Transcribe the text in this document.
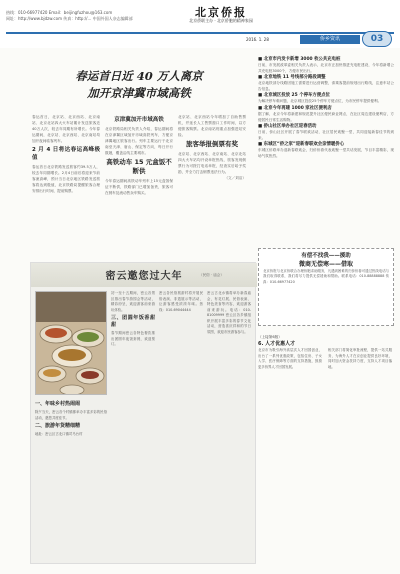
热线：010-66977420 Email：beijingfuzhou@163.com
网址：http://www.bjdzw.com 传真：http://... 中国外国人杂志编辑部	北京侨报
北京侨联主办 · 北京侨胞的精神家园
2016. 1. 28	侨乡资讯	03
春运首日近 40 万人离京
加开京津冀市域高铁
春运首日，北京站、北京西站、北京南站、北京北站四大火车站累计发送旅客近40万人次，较去年同期有所增长。今年春运期间，北京站、北京西站、北京南站均加开夜间临客列车。
2 月 4 日将达春运高峰极值
春运首日北京铁路发送旅客约39.5万人，较去年同期增长。2月4日前后将迎来节前客流高峰，预计当日北京地区铁路发送旅客将达到极值，北京铁路局提醒旅客合理安排出行时间，提前购票。
京津冀加开市域高铁
北京铁路局相关负责人介绍，春运期间将在京津冀区域加开市域高铁列车，方便京津冀地区旅客出行。列车主要运行于北京南至天津、唐山、保定等方向，每日开行数趟，覆盖沿线主要城市。
高铁动车 15 元盒饭不断供
今年春运期间高铁动车列车上15元盒饭保证不断供，铁路部门已增加备货，旅客可在餐车及流动售卖车购买。
北京站、北京西站今年增加了自助售票机，并延长人工售票窗口工作时间，以方便旅客购票。北京南站则重点加强进站安检。
旅客举报倒票有奖
北京站、北京西站、北京南站、北京北站四大火车站均开设举报热线，旅客发现倒票行为可拨打电话举报，经查实后给予奖励，并全力打击倒票违法行为。
（文／刘洁）
■ 北京市内发卡新增 3000 枚公共充电桩
日前，市发展改革委相关负责人表示，北京市正加快推进充电桩建设，今年将新增公共充电桩3000个，方便市民出行。
■ 北京地铁 11 号线部分路段调整
北京地铁部分线路因施工需要进行运营调整，请乘客提前规划出行路线，注意车站公告信息。
■ 北京城区投放 25 个停车方便点位
为解决停车难问题，北京城区投放25个停车方便点位，为市民停车提供便利。
■ 北京今年再建 1000 家社区便利店
据了解，北京今年将新建和规范提升社区便民商业网点，在社区周边建设便利店，方便居民日常生活购物。
■ 侨山社区举办社区迎春活动
日前，侨山社区开展了春节联欢活动，社区居民欢聚一堂，共同迎接新春佳节的到来。
■ 东城区“侨之家”迎新春联欢会亲情暖侨心
东城区侨联举办迎新春联欢会，归侨侨眷代表欢聚一堂共话发展，节目丰富精彩，现场气氛热烈。
有偿不找我——援助
微商无偿寒——借取
北京侨报与北京侨联合办理侨胞求助服务，凡遇到困难的归侨侨眷可通过热线电话与我们取得联系，我们将尽力提供无偿援助和帮助。联系电话：010-88888888 传真：010-66977420
密云邀您过大年	（民俗 · 庙会）
一、年味乡村热闹闹
除夕当天，密云各个村镇都举办丰富多彩的民俗活动，邀您共度佳节。
二、旅游年货精细精
地址：密云区古北口镇司马台村
初一至十五期间，密云各景区推出春节游园会等活动，精彩纷呈，欢迎游客前来游玩体验。
三、团圆年饭香甜甜
春节期间密云各特色餐饮推出团圆年夜饭套餐，欢迎预订。
密云各民俗旅游村将开展民俗表演、非遗展示等活动，让游客感受浓浓年味。热线：010-69044444
密云古北水镇将举办新春庙会，有花灯展、民俗表演、特色美食等内容，欢迎游客前来游玩。电话：010-81009999 密云区各乡镇组织开展丰富多彩的春节文化活动，营造喜庆祥和的节日氛围，欢迎市民游客参与。
（上接第6版）
6. 人才优惠人才
北京市为吸引海外高层次人才回国创业，出台了一系列优惠政策，包括住房、子女入学、医疗保障等方面的支持措施，鼓励更多侨界人才回国发展。
相关部门将简化审批流程，提供一站式服务，为海外人才在京创业提供良好环境，同时加大资金扶持力度，支持人才项目落地。
